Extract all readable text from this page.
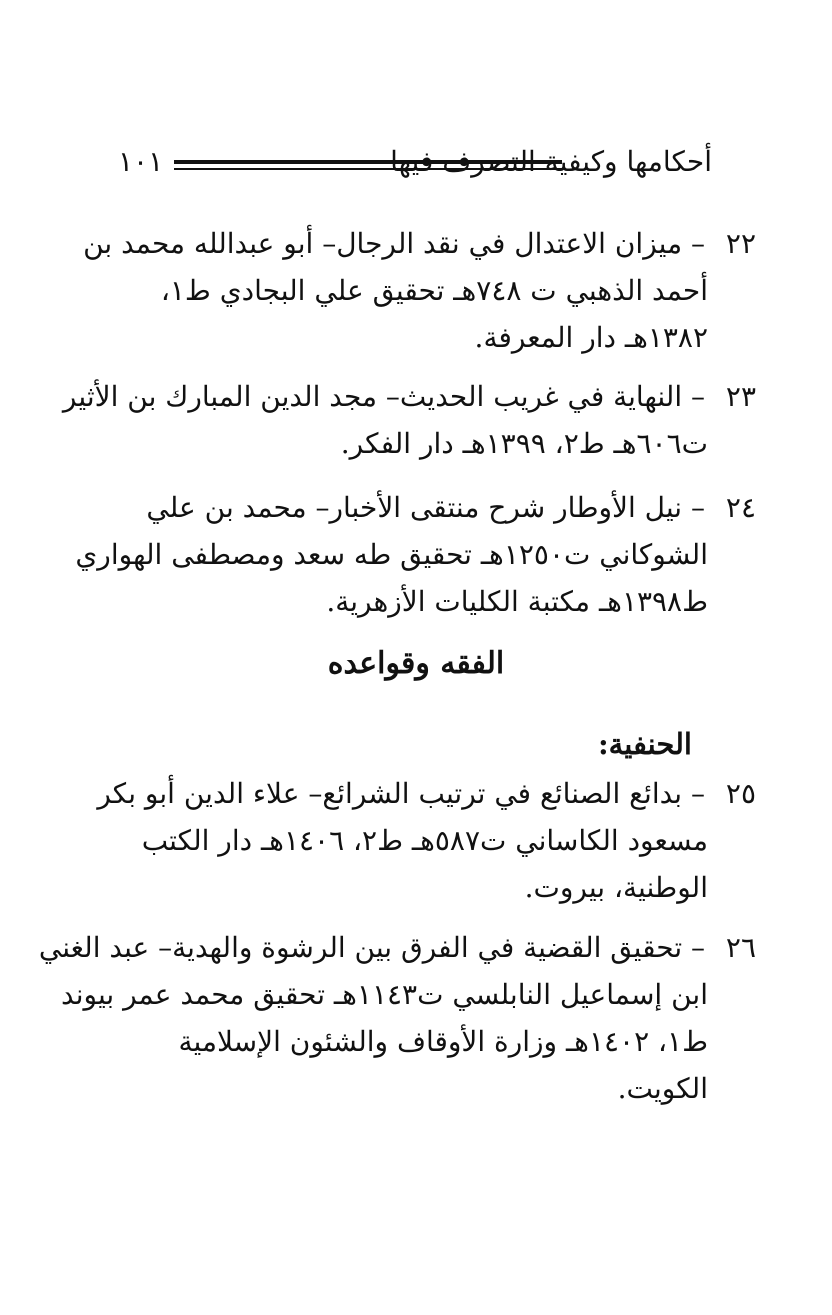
١٠١	أحكامها وكيفية التصرف فيها
٢٢ – ميزان الاعتدال في نقد الرجال– أبو عبدالله محمد بن
أحمد الذهبي ت ٧٤٨هـ تحقيق علي البجادي ط١،
١٣٨٢هـ دار المعرفة.
٢٣ – النهاية في غريب الحديث– مجد الدين المبارك بن الأثير
ت٦٠٦هـ ط٢، ١٣٩٩هـ دار الفكر.
٢٤ – نيل الأوطار شرح منتقى الأخبار– محمد بن علي
الشوكاني ت١٢٥٠هـ تحقيق طه سعد ومصطفى الهواري
ط١٣٩٨هـ مكتبة الكليات الأزهرية.
الفقه وقواعده
الحنفية:
٢٥ – بدائع الصنائع في ترتيب الشرائع– علاء الدين أبو بكر
مسعود الكاساني ت٥٨٧هـ ط٢، ١٤٠٦هـ دار الكتب
الوطنية، بيروت.
٢٦ – تحقيق القضية في الفرق بين الرشوة والهدية– عبد الغني
ابن إسماعيل النابلسي ت١١٤٣هـ تحقيق محمد عمر بيوند
ط١، ١٤٠٢هـ وزارة الأوقاف والشئون الإسلامية
الكويت.
